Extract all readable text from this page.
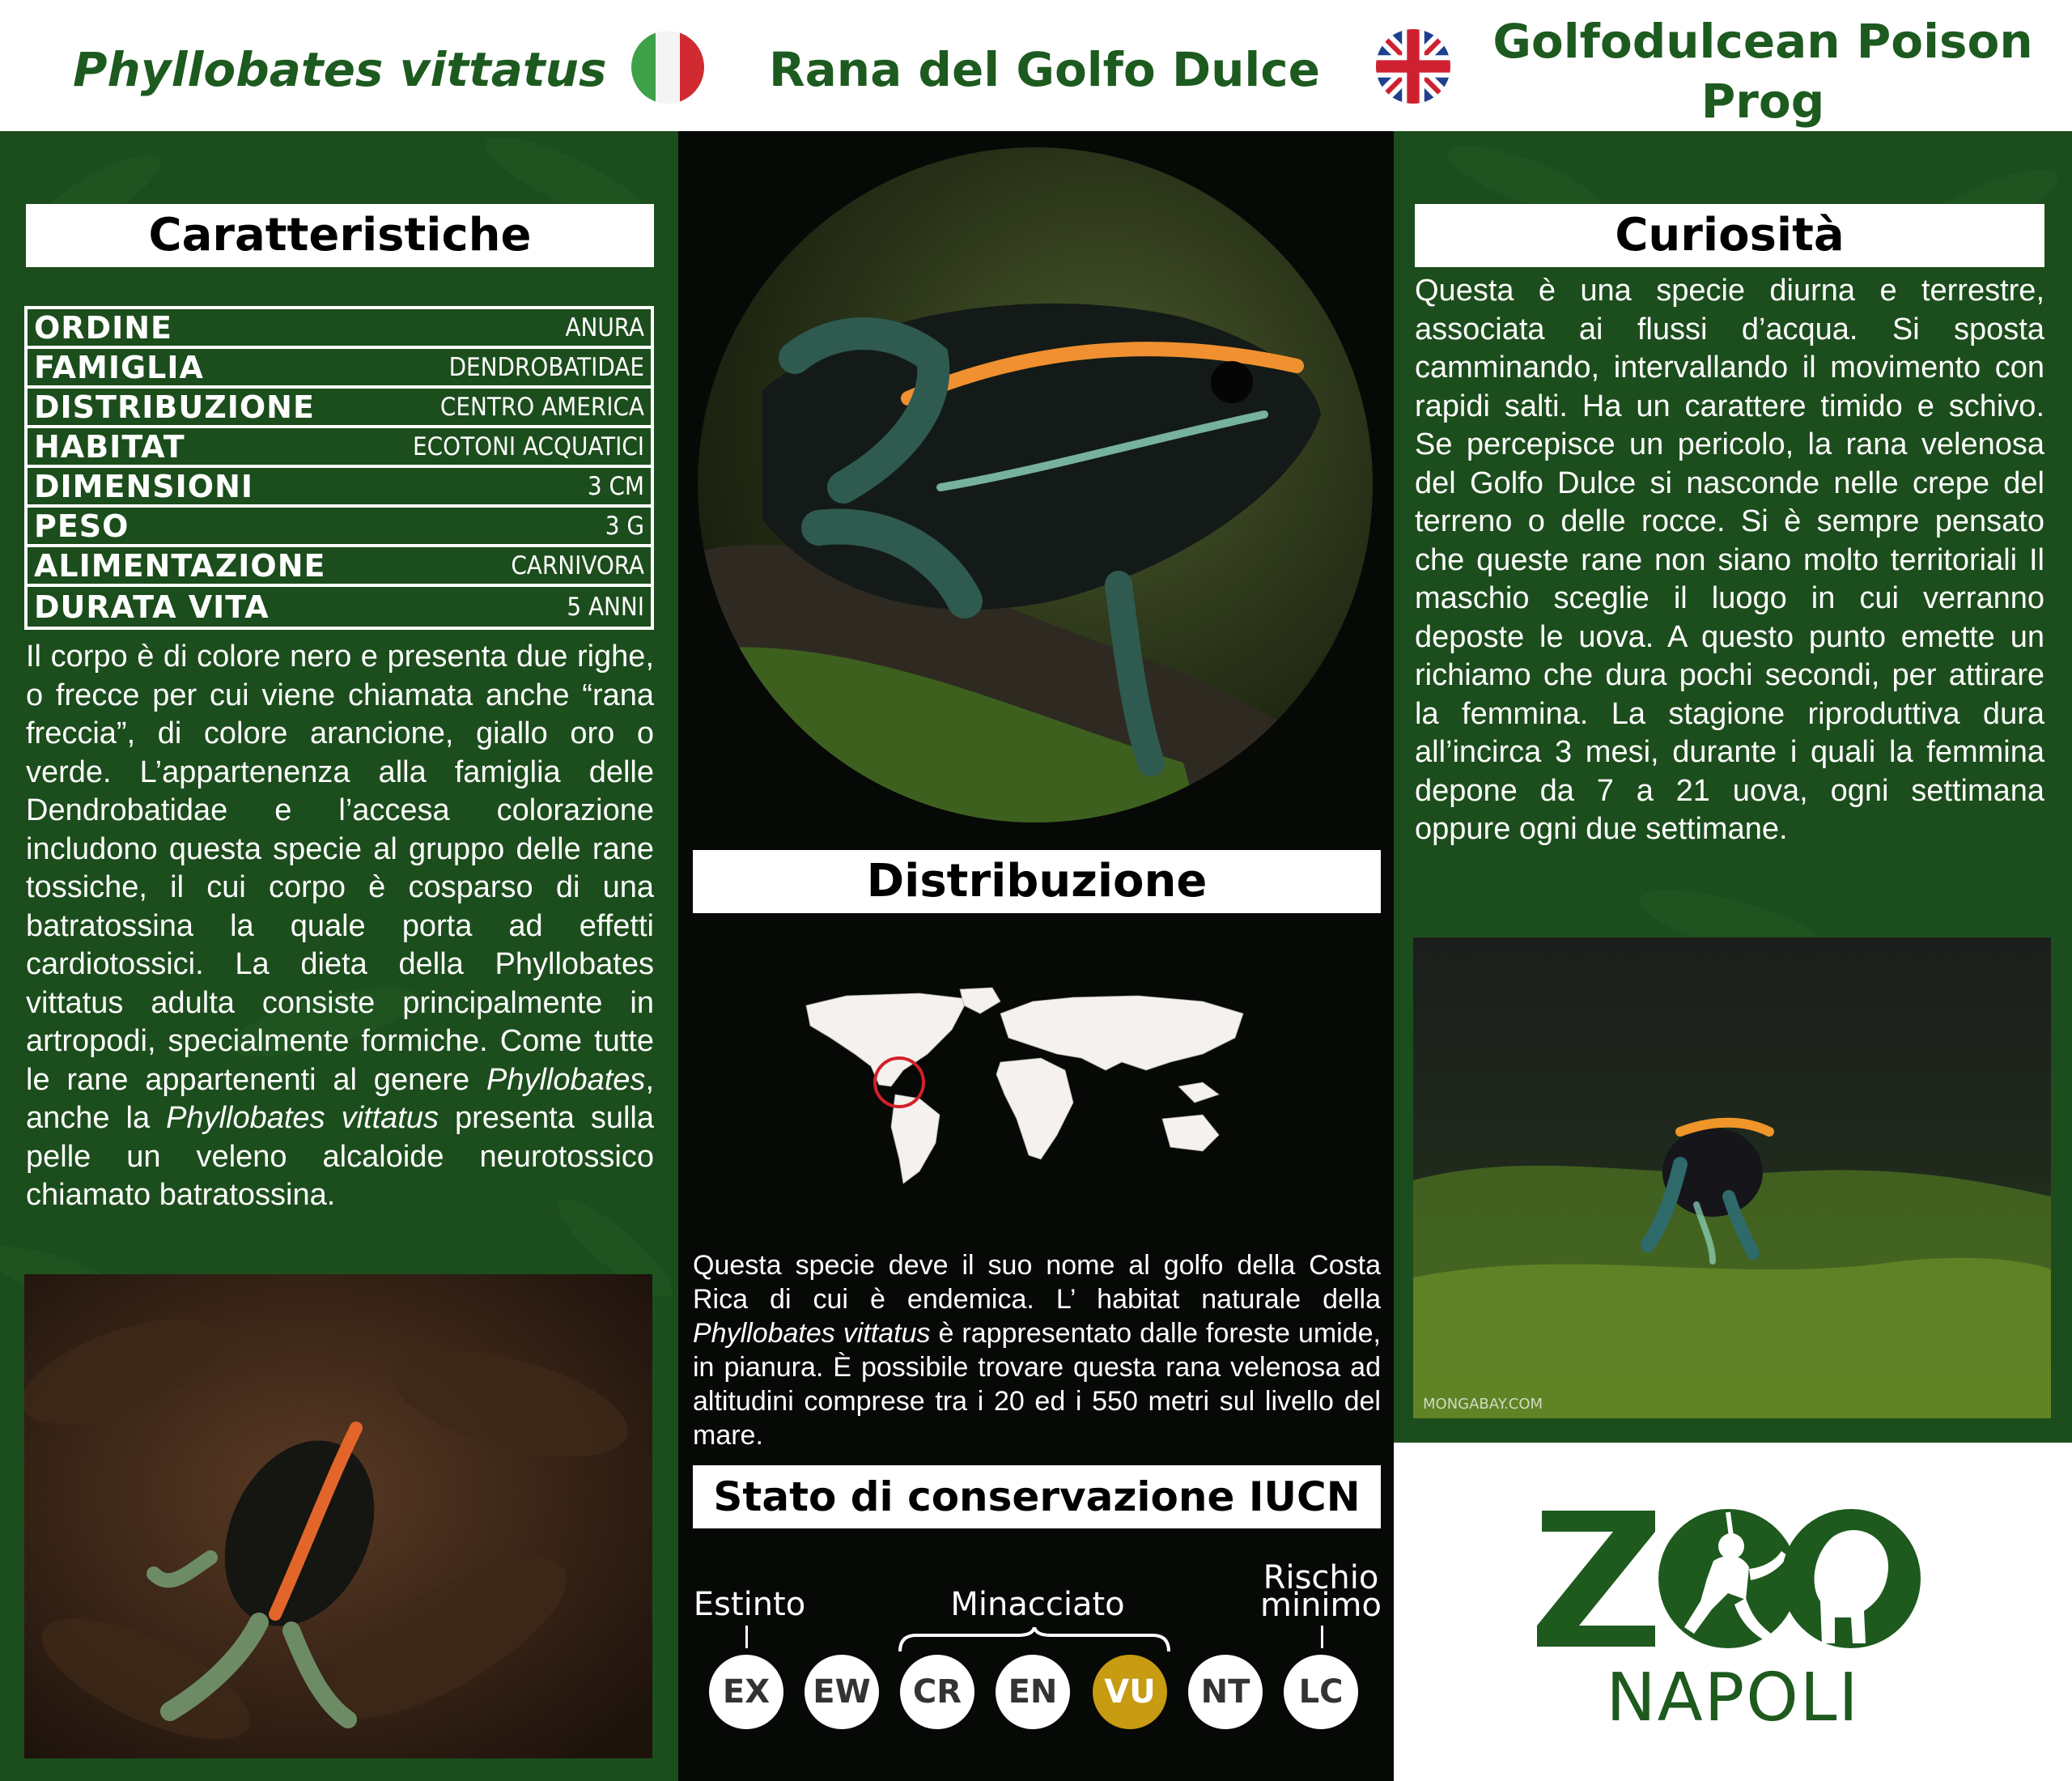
Phyllobates vittatus	Rana del Golfo Dulce
Golfodulcean Poison Prog
Caratteristiche
ORDINE	ANURA
FAMIGLIA	DENDROBATIDAE
DISTRIBUZIONE	CENTRO AMERICA
HABITAT	ECOTONI ACQUATICI
DIMENSIONI	3 CM
PESO	3 G
ALIMENTAZIONE	CARNIVORA
DURATA VITA	5 ANNI
Il corpo è di colore nero e presenta due righe, o frecce per cui viene chiamata anche “rana freccia”, di colore arancione, giallo oro o verde. L’appartenenza alla famiglia delle Dendrobatidae e l’accesa colorazione includono questa specie al gruppo delle rane tossiche, il cui corpo è cosparso di una batratossina la quale porta ad effetti cardiotossici. La dieta della Phyllobates vittatus adulta consiste principalmente in artropodi, specialmente formiche. Come tutte le rane appartenenti al genere Phyllobates, anche la Phyllobates vittatus presenta sulla pelle un veleno alcaloide neurotossico chiamato batratossina.
Distribuzione
Questa specie deve il suo nome al golfo della Costa Rica di cui è endemica. L’ habitat naturale della Phyllobates vittatus è rappresentato dalle foreste umide, in pianura. È possibile trovare questa rana velenosa ad altitudini comprese tra i 20 ed i 550 metri sul livello del mare.
Stato di conservazione IUCN
Estinto	Minacciato
Rischio
minimo
EX	EW	CR	EN	VU	NT	LC
Curiosità
Questa è una specie diurna e terrestre, associata ai flussi d’acqua. Si sposta camminando, intervallando il movimento con rapidi salti. Ha un carattere timido e schivo. Se percepisce un pericolo, la rana velenosa del Golfo Dulce si nasconde nelle crepe del terreno o delle rocce. Si è sempre pensato che queste rane non siano molto territoriali Il maschio sceglie il luogo in cui verranno deposte le uova. A questo punto emette un richiamo che dura pochi secondi, per attirare la femmina. La stagione riproduttiva dura all’incirca 3 mesi, durante i quali la femmina depone da 7 a 21 uova, ogni settimana oppure ogni due settimane.
MONGABAY.COM
NAPOLI
